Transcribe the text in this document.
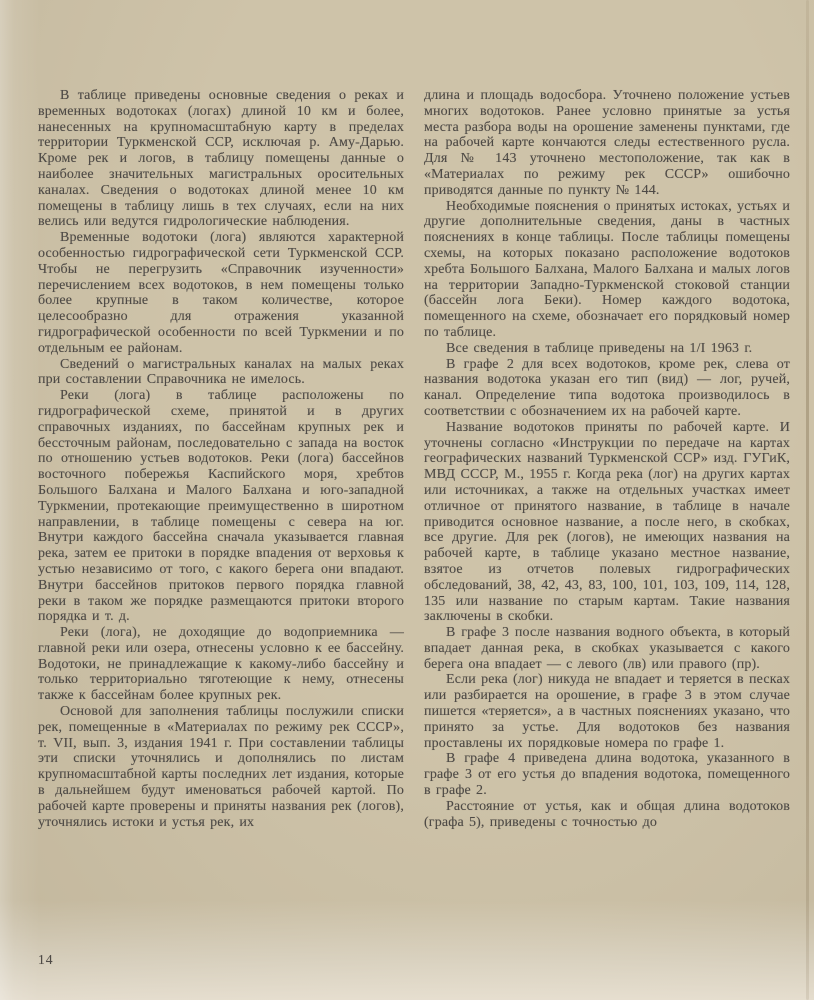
В таблице приведены основные сведения о реках и временных водотоках (логах) длиной 10 км и более, нанесенных на крупномасштабную карту в пределах территории Туркменской ССР, исключая р. Аму-Дарью. Кроме рек и логов, в таблицу помещены данные о наиболее значительных магистральных оросительных каналах. Сведения о водотоках длиной менее 10 км помещены в таблицу лишь в тех случаях, если на них велись или ведутся гидрологические наблюдения.

Временные водотоки (лога) являются характерной особенностью гидрографической сети Туркменской ССР. Чтобы не перегрузить «Справочник изученности» перечислением всех водотоков, в нем помещены только более крупные в таком количестве, которое целесообразно для отражения указанной гидрографической особенности по всей Туркмении и по отдельным ее районам.

Сведений о магистральных каналах на малых реках при составлении Справочника не имелось.

Реки (лога) в таблице расположены по гидрографической схеме, принятой и в других справочных изданиях, по бассейнам крупных рек и бессточным районам, последовательно с запада на восток по отношению устьев водотоков. Реки (лога) бассейнов восточного побережья Каспийского моря, хребтов Большого Балхана и Малого Балхана и юго-западной Туркмении, протекающие преимущественно в широтном направлении, в таблице помещены с севера на юг. Внутри каждого бассейна сначала указывается главная река, затем ее притоки в порядке впадения от верховья к устью независимо от того, с какого берега они впадают. Внутри бассейнов притоков первого порядка главной реки в таком же порядке размещаются притоки второго порядка и т. д.

Реки (лога), не доходящие до водоприемника — главной реки или озера, отнесены условно к ее бассейну. Водотоки, не принадлежащие к какому-либо бассейну и только территориально тяготеющие к нему, отнесены также к бассейнам более крупных рек.

Основой для заполнения таблицы послужили списки рек, помещенные в «Материалах по режиму рек СССР», т. VII, вып. 3, издания 1941 г. При составлении таблицы эти списки уточнялись и дополнялись по листам крупномасштабной карты последних лет издания, которые в дальнейшем будут именоваться рабочей картой. По рабочей карте проверены и приняты названия рек (логов), уточнялись истоки и устья рек, их

длина и площадь водосбора. Уточнено положение устьев многих водотоков. Ранее условно принятые за устья места разбора воды на орошение заменены пунктами, где на рабочей карте кончаются следы естественного русла. Для № 143 уточнено местоположение, так как в «Материалах по режиму рек СССР» ошибочно приводятся данные по пункту № 144.

Необходимые пояснения о принятых истоках, устьях и другие дополнительные сведения, даны в частных пояснениях в конце таблицы. После таблицы помещены схемы, на которых показано расположение водотоков хребта Большого Балхана, Малого Балхана и малых логов на территории Западно-Туркменской стоковой станции (бассейн лога Беки). Номер каждого водотока, помещенного на схеме, обозначает его порядковый номер по таблице.

Все сведения в таблице приведены на 1/I 1963 г.

В графе 2 для всех водотоков, кроме рек, слева от названия водотока указан его тип (вид) — лог, ручей, канал. Определение типа водотока производилось в соответствии с обозначением их на рабочей карте.

Название водотоков приняты по рабочей карте. И уточнены согласно «Инструкции по передаче на картах географических названий Туркменской ССР» изд. ГУГиК, МВД СССР, М., 1955 г. Когда река (лог) на других картах или источниках, а также на отдельных участках имеет отличное от принятого название, в таблице в начале приводится основное название, а после него, в скобках, все другие. Для рек (логов), не имеющих названия на рабочей карте, в таблице указано местное название, взятое из отчетов полевых гидрографических обследований, 38, 42, 43, 83, 100, 101, 103, 109, 114, 128, 135 или название по старым картам. Такие названия заключены в скобки.

В графе 3 после названия водного объекта, в который впадает данная река, в скобках указывается с какого берега она впадает — с левого (лв) или правого (пр).

Если река (лог) никуда не впадает и теряется в песках или разбирается на орошение, в графе 3 в этом случае пишется «теряется», а в частных пояснениях указано, что принято за устье. Для водотоков без названия проставлены их порядковые номера по графе 1.

В графе 4 приведена длина водотока, указанного в графе 3 от его устья до впадения водотока, помещенного в графе 2.

Расстояние от устья, как и общая длина водотоков (графа 5), приведены с точностью до

14
